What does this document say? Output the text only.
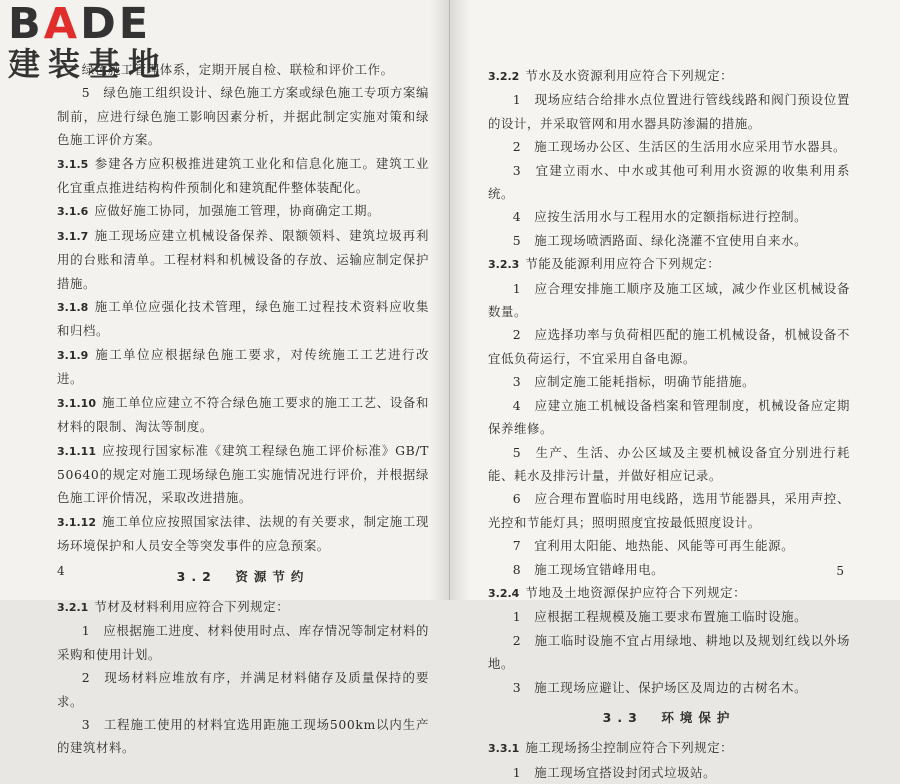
绿色施工管理体系，定期开展自检、联检和评价工作。

5　绿色施工组织设计、绿色施工方案或绿色施工专项方案编制前，应进行绿色施工影响因素分析，并据此制定实施对策和绿色施工评价方案。

3.1.5 参建各方应积极推进建筑工业化和信息化施工。建筑工业化宜重点推进结构构件预制化和建筑配件整体装配化。

3.1.6 应做好施工协同，加强施工管理，协商确定工期。

3.1.7 施工现场应建立机械设备保养、限额领料、建筑垃圾再利用的台账和清单。工程材料和机械设备的存放、运输应制定保护措施。

3.1.8 施工单位应强化技术管理，绿色施工过程技术资料应收集和归档。

3.1.9 施工单位应根据绿色施工要求，对传统施工工艺进行改进。

3.1.10 施工单位应建立不符合绿色施工要求的施工工艺、设备和材料的限制、淘汰等制度。

3.1.11 应按现行国家标准《建筑工程绿色施工评价标准》GB/T 50640的规定对施工现场绿色施工实施情况进行评价，并根据绿色施工评价情况，采取改进措施。

3.1.12 施工单位应按照国家法律、法规的有关要求，制定施工现场环境保护和人员安全等突发事件的应急预案。

3.2　资源节约

3.2.1 节材及材料利用应符合下列规定：

1　应根据施工进度、材料使用时点、库存情况等制定材料的采购和使用计划。

2　现场材料应堆放有序，并满足材料储存及质量保持的要求。

3　工程施工使用的材料宜选用距施工现场500km以内生产的建筑材料。

4

3.2.2 节水及水资源利用应符合下列规定：

1　现场应结合给排水点位置进行管线线路和阀门预设位置的设计，并采取管网和用水器具防渗漏的措施。

2　施工现场办公区、生活区的生活用水应采用节水器具。

3　宜建立雨水、中水或其他可利用水资源的收集利用系统。

4　应按生活用水与工程用水的定额指标进行控制。

5　施工现场喷洒路面、绿化浇灌不宜使用自来水。

3.2.3 节能及能源利用应符合下列规定：

1　应合理安排施工顺序及施工区域，减少作业区机械设备数量。

2　应选择功率与负荷相匹配的施工机械设备，机械设备不宜低负荷运行，不宜采用自备电源。

3　应制定施工能耗指标，明确节能措施。

4　应建立施工机械设备档案和管理制度，机械设备应定期保养维修。

5　生产、生活、办公区域及主要机械设备宜分别进行耗能、耗水及排污计量，并做好相应记录。

6　应合理布置临时用电线路，选用节能器具，采用声控、光控和节能灯具；照明照度宜按最低照度设计。

7　宜利用太阳能、地热能、风能等可再生能源。

8　施工现场宜错峰用电。

3.2.4 节地及土地资源保护应符合下列规定：

1　应根据工程规模及施工要求布置施工临时设施。

2　施工临时设施不宜占用绿地、耕地以及规划红线以外场地。

3　施工现场应避让、保护场区及周边的古树名木。

3.3　环境保护

3.3.1 施工现场扬尘控制应符合下列规定：

1　施工现场宜搭设封闭式垃圾站。

5
BADE
建装基地
